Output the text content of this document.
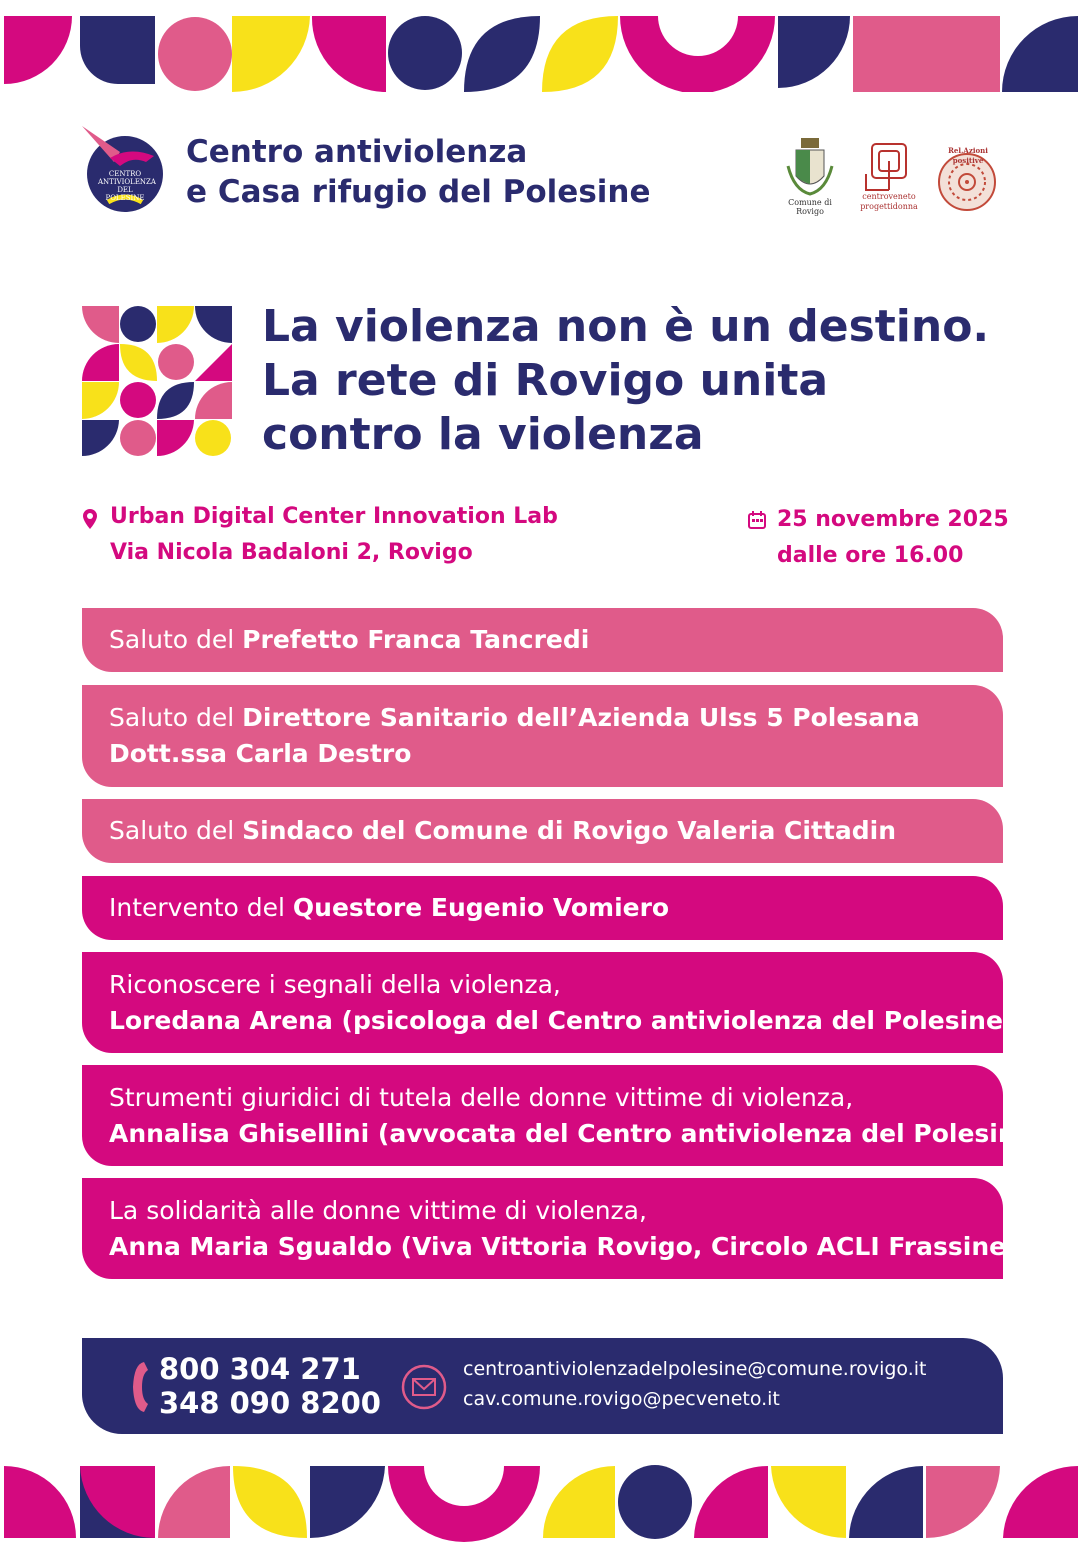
CENTRO
ANTIVIOLENZA
DEL POLESINE
Centro antiviolenza
e Casa rifugio del Polesine	Comune di Rovigo
centroveneto
progettidonna
Rel.Azioni positive
La violenza non è un destino.
La rete di Rovigo unita
contro la violenza
Urban Digital Center Innovation Lab
Via Nicola Badaloni 2, Rovigo
25 novembre 2025
dalle ore 16.00
Saluto del Prefetto Franca Tancredi
Saluto del Direttore Sanitario dell’Azienda Ulss 5 Polesana
Dott.ssa Carla Destro
Saluto del Sindaco del Comune di Rovigo Valeria Cittadin
Intervento del Questore Eugenio Vomiero
Riconoscere i segnali della violenza,
Loredana Arena (psicologa del Centro antiviolenza del Polesine)
Strumenti giuridici di tutela delle donne vittime di violenza,
Annalisa Ghisellini (avvocata del Centro antiviolenza del Polesine)
La solidarità alle donne vittime di violenza,
Anna Maria Sgualdo (Viva Vittoria Rovigo, Circolo ACLI Frassinelle)
800 304 271
348 090 8200
centroantiviolenzadelpolesine@comune.rovigo.it
cav.comune.rovigo@pecveneto.it
